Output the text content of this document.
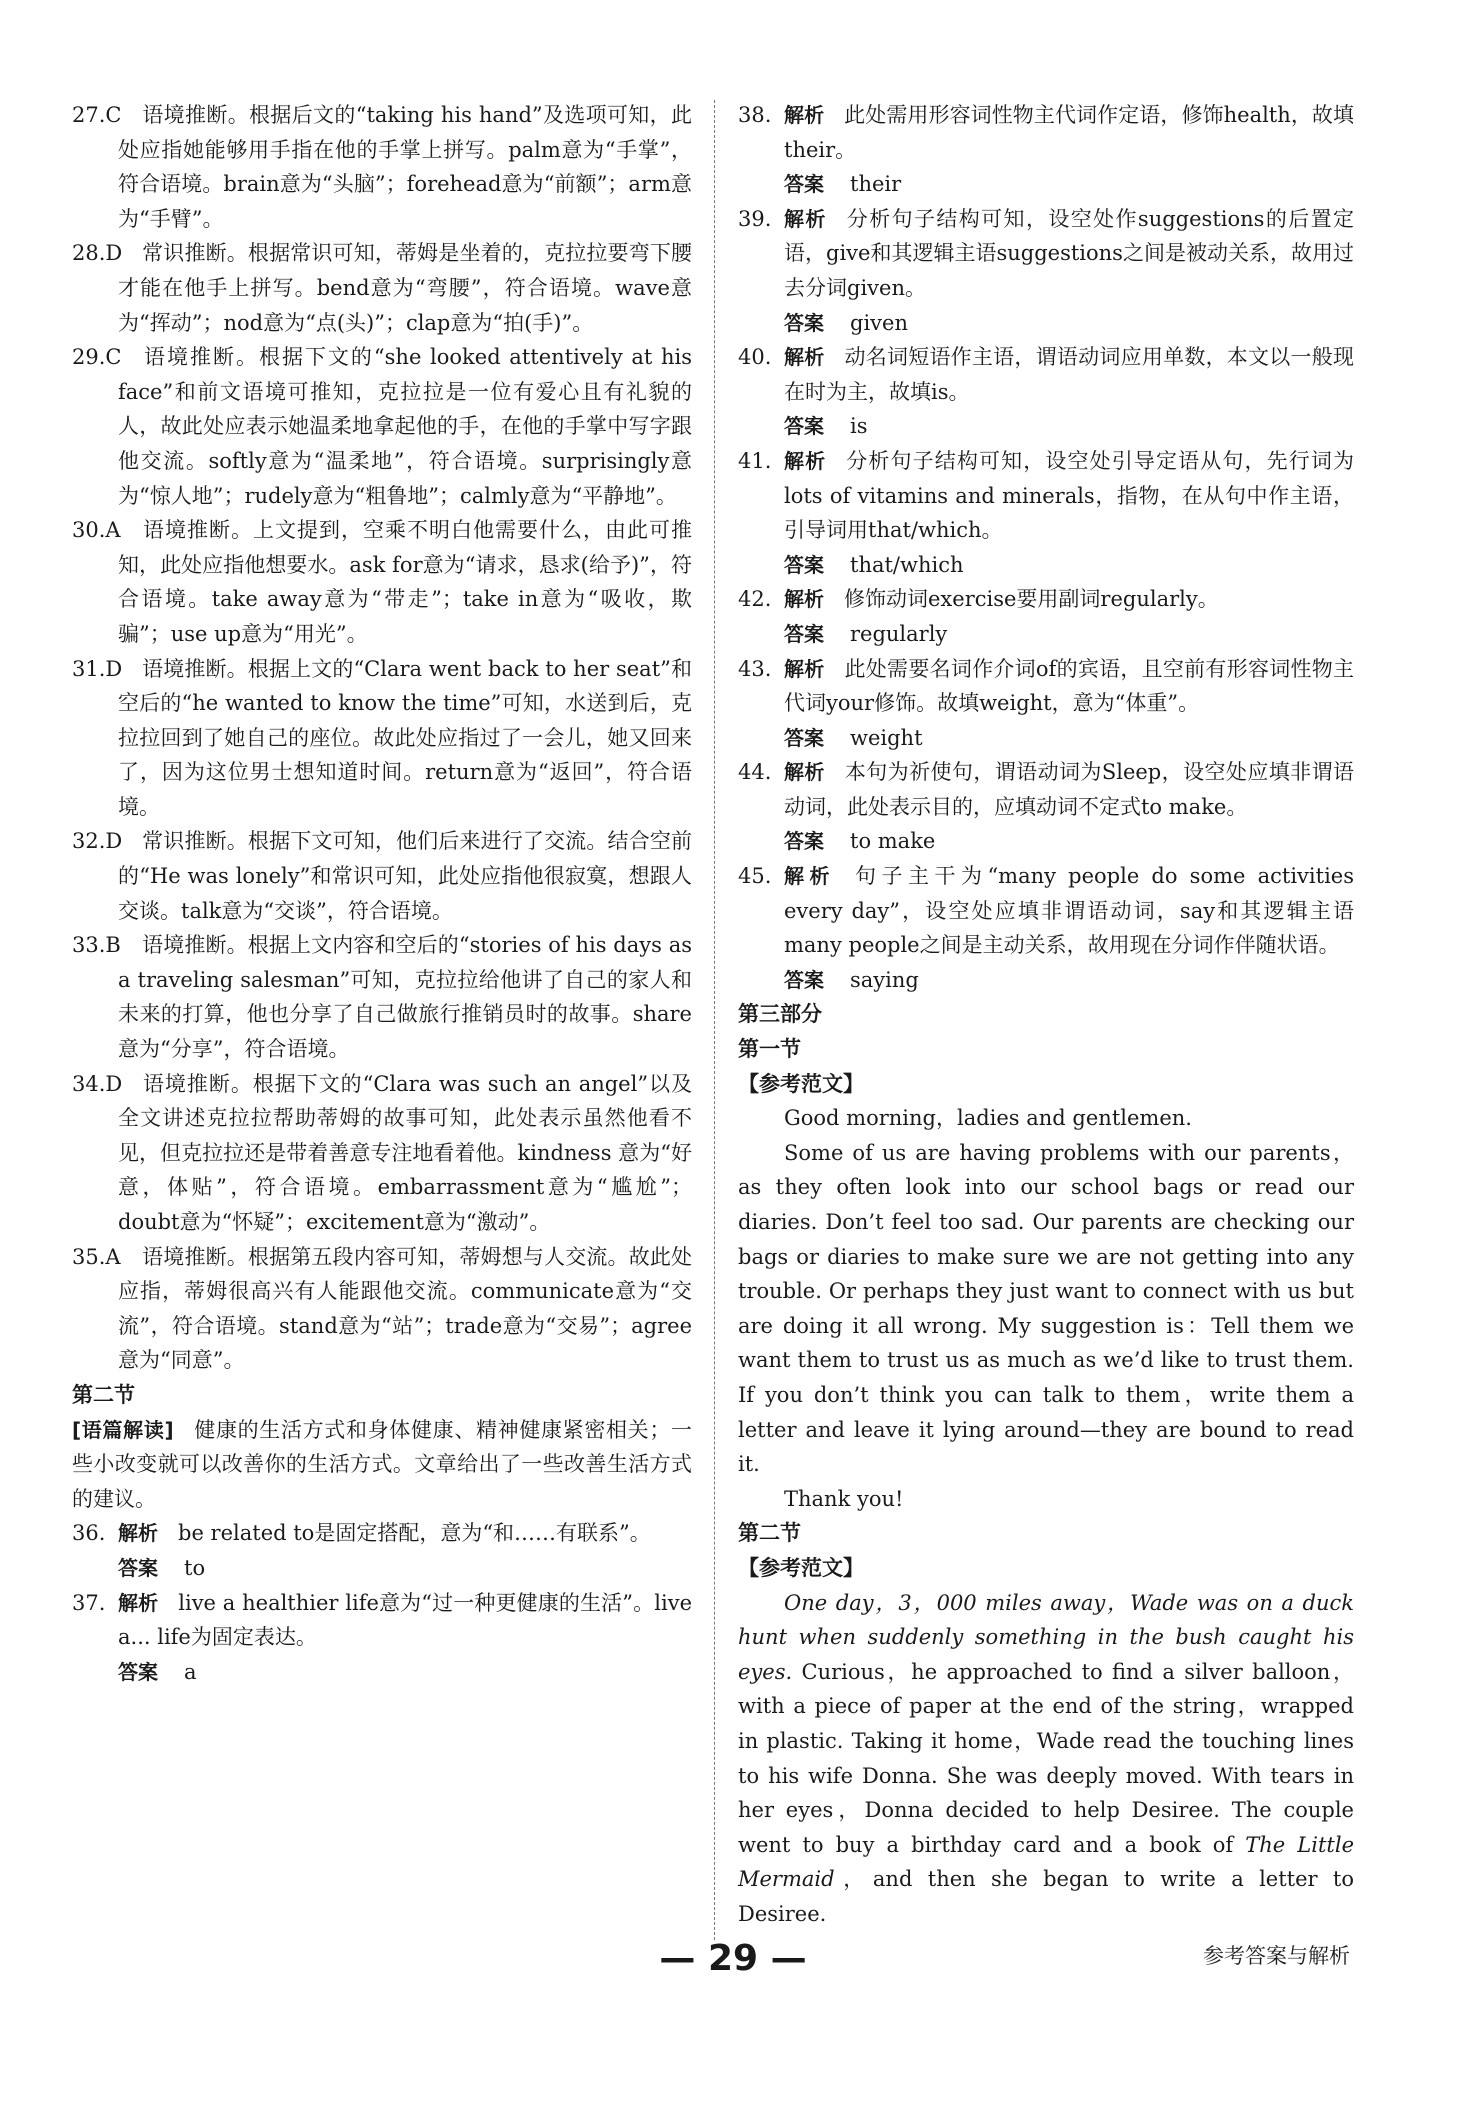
27.C 语境推断。根据后文的“taking his hand”及选项可知，此处应指她能够用手指在他的手掌上拼写。palm意为“手掌”，符合语境。brain意为“头脑”；forehead意为“前额”；arm意为“手臂”。
28.D 常识推断。根据常识可知，蒂姆是坐着的，克拉拉要弯下腰才能在他手上拼写。bend意为“弯腰”，符合语境。wave意为“挥动”；nod意为“点(头)”；clap意为“拍(手)”。
29.C 语境推断。根据下文的“she looked attentively at his face”和前文语境可推知，克拉拉是一位有爱心且有礼貌的人，故此处应表示她温柔地拿起他的手，在他的手掌中写字跟他交流。softly意为“温柔地”，符合语境。surprisingly意为“惊人地”；rudely意为“粗鲁地”；calmly意为“平静地”。
30.A 语境推断。上文提到，空乘不明白他需要什么，由此可推知，此处应指他想要水。ask for意为“请求，恳求(给予)”，符合语境。take away意为“带走”；take in意为“吸收，欺骗”；use up意为“用光”。
31.D 语境推断。根据上文的“Clara went back to her seat”和空后的“he wanted to know the time”可知，水送到后，克拉拉回到了她自己的座位。故此处应指过了一会儿，她又回来了，因为这位男士想知道时间。return意为“返回”，符合语境。
32.D 常识推断。根据下文可知，他们后来进行了交流。结合空前的“He was lonely”和常识可知，此处应指他很寂寞，想跟人交谈。talk意为“交谈”，符合语境。
33.B 语境推断。根据上文内容和空后的“stories of his days as a traveling salesman”可知，克拉拉给他讲了自己的家人和未来的打算，他也分享了自己做旅行推销员时的故事。share意为“分享”，符合语境。
34.D 语境推断。根据下文的“Clara was such an angel”以及全文讲述克拉拉帮助蒂姆的故事可知，此处表示虽然他看不见，但克拉拉还是带着善意专注地看着他。kindness 意为“好意，体贴”，符合语境。embarrassment意为“尴尬”；doubt意为“怀疑”；excitement意为“激动”。
35.A 语境推断。根据第五段内容可知，蒂姆想与人交流。故此处应指，蒂姆很高兴有人能跟他交流。communicate意为“交流”，符合语境。stand意为“站”；trade意为“交易”；agree意为“同意”。
第二节
[语篇解读] 健康的生活方式和身体健康、精神健康紧密相关；一些小改变就可以改善你的生活方式。文章给出了一些改善生活方式的建议。
36. 解析 be related to是固定搭配，意为“和……有联系”。
答案 to
37. 解析 live a healthier life意为“过一种更健康的生活”。live a... life为固定表达。
答案 a
38. 解析 此处需用形容词性物主代词作定语，修饰health，故填their。
答案 their
39. 解析 分析句子结构可知，设空处作suggestions的后置定语，give和其逻辑主语suggestions之间是被动关系，故用过去分词given。
答案 given
40. 解析 动名词短语作主语，谓语动词应用单数，本文以一般现在时为主，故填is。
答案 is
41. 解析 分析句子结构可知，设空处引导定语从句，先行词为lots of vitamins and minerals，指物，在从句中作主语，引导词用that/which。
答案 that/which
42. 解析 修饰动词exercise要用副词regularly。
答案 regularly
43. 解析 此处需要名词作介词of的宾语，且空前有形容词性物主代词your修饰。故填weight，意为“体重”。
答案 weight
44. 解析 本句为祈使句，谓语动词为Sleep，设空处应填非谓语动词，此处表示目的，应填动词不定式to make。
答案 to make
45. 解析 句子主干为“many people do some activities every day”，设空处应填非谓语动词，say和其逻辑主语many people之间是主动关系，故用现在分词作伴随状语。
答案 saying
第三部分
第一节
【参考范文】
Good morning，ladies and gentlemen.
Some of us are having problems with our parents，as they often look into our school bags or read our diaries. Don’t feel too sad. Our parents are checking our bags or diaries to make sure we are not getting into any trouble. Or perhaps they just want to connect with us but are doing it all wrong. My suggestion is：Tell them we want them to trust us as much as we’d like to trust them. If you don’t think you can talk to them，write them a letter and leave it lying around—they are bound to read it.
Thank you!
第二节
【参考范文】
One day，3，000 miles away，Wade was on a duck hunt when suddenly something in the bush caught his eyes. Curious，he approached to find a silver balloon，with a piece of paper at the end of the string，wrapped in plastic. Taking it home，Wade read the touching lines to his wife Donna. She was deeply moved. With tears in her eyes，Donna decided to help Desiree. The couple went to buy a birthday card and a book of The Little Mermaid，and then she began to write a letter to Desiree.
— 29 —	参考答案与解析
